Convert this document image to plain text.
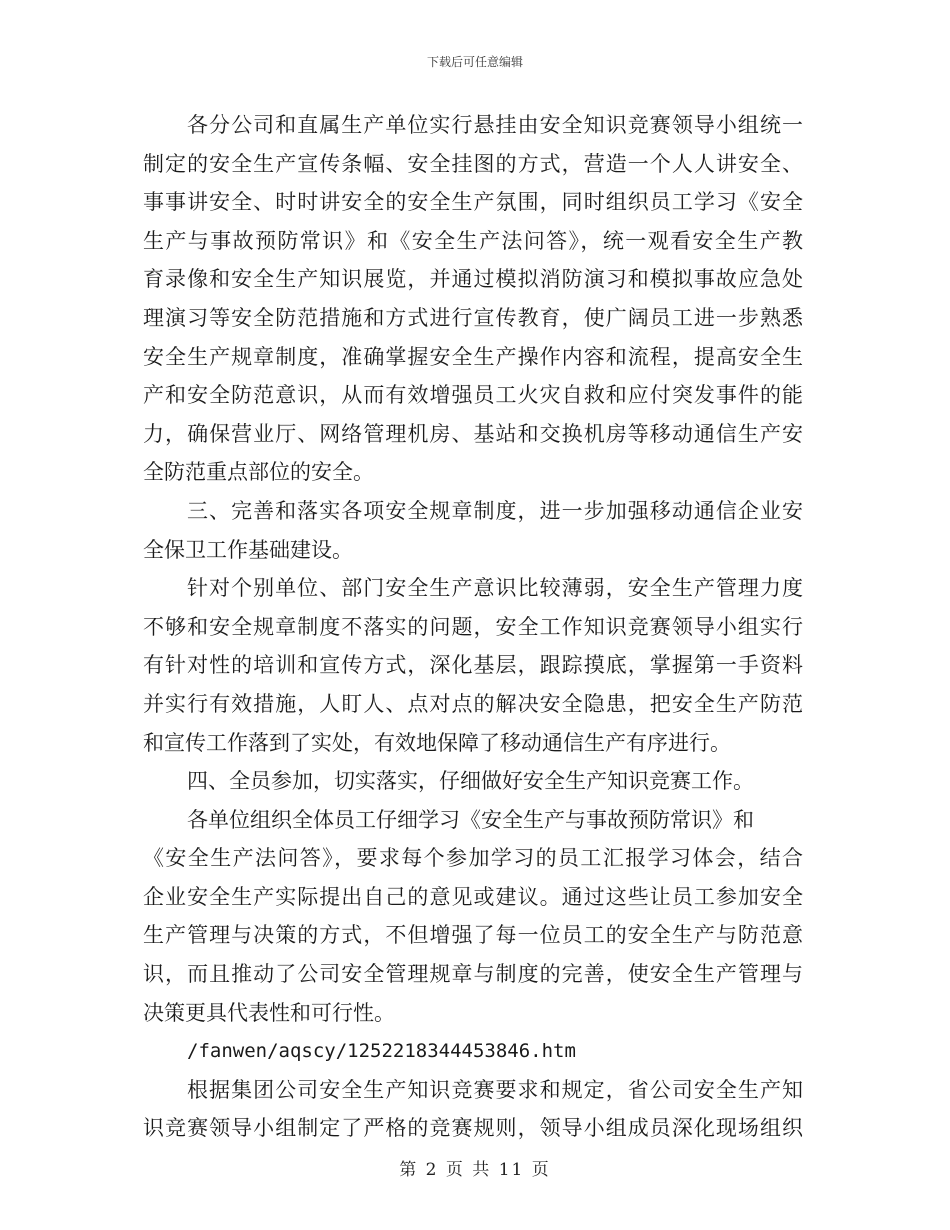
下载后可任意编辑
各分公司和直属生产单位实行悬挂由安全知识竞赛领导小组统一
制定的安全生产宣传条幅、安全挂图的方式，营造一个人人讲安全、
事事讲安全、时时讲安全的安全生产氛围，同时组织员工学习《安全
生产与事故预防常识》和《安全生产法问答》，统一观看安全生产教
育录像和安全生产知识展览，并通过模拟消防演习和模拟事故应急处
理演习等安全防范措施和方式进行宣传教育，使广阔员工进一步熟悉
安全生产规章制度，准确掌握安全生产操作内容和流程，提高安全生
产和安全防范意识，从而有效增强员工火灾自救和应付突发事件的能
力，确保营业厅、网络管理机房、基站和交换机房等移动通信生产安
全防范重点部位的安全。
三、完善和落实各项安全规章制度，进一步加强移动通信企业安
全保卫工作基础建设。
针对个别单位、部门安全生产意识比较薄弱，安全生产管理力度
不够和安全规章制度不落实的问题，安全工作知识竞赛领导小组实行
有针对性的培训和宣传方式，深化基层，跟踪摸底，掌握第一手资料
并实行有效措施，人盯人、点对点的解决安全隐患，把安全生产防范
和宣传工作落到了实处，有效地保障了移动通信生产有序进行。
四、全员参加，切实落实，仔细做好安全生产知识竞赛工作。
各单位组织全体员工仔细学习《安全生产与事故预防常识》和
《安全生产法问答》，要求每个参加学习的员工汇报学习体会，结合
企业安全生产实际提出自己的意见或建议。通过这些让员工参加安全
生产管理与决策的方式，不但增强了每一位员工的安全生产与防范意
识，而且推动了公司安全管理规章与制度的完善，使安全生产管理与
决策更具代表性和可行性。
/fanwen/aqscy/1252218344453846.htm
根据集团公司安全生产知识竞赛要求和规定，省公司安全生产知
识竞赛领导小组制定了严格的竞赛规则，领导小组成员深化现场组织
第 2 页 共 11 页
